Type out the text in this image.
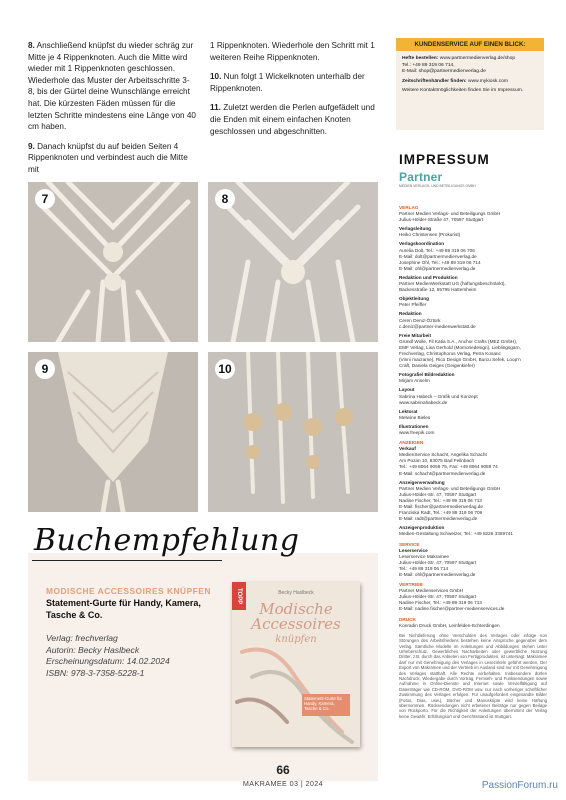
8. Anschließend knüpfst du wieder schräg zur Mitte je 4 Rippenknoten. Auch die Mitte wird wieder mit 1 Rippenknoten geschlossen. Wiederhole das Muster der Arbeitsschritte 3-8, bis der Gürtel deine Wunschlänge erreicht hat. Die kürzesten Fäden müssen für die letzten Schritte mindestens eine Länge von 40 cm haben.

9. Danach knüpfst du auf beiden Seiten 4 Rippenknoten und verbindest auch die Mitte mit

1 Rippenknoten. Wiederhole den Schritt mit 1 weiteren Reihe Rippenknoten.

10. Nun folgt 1 Wickelknoten unterhalb der Rippenknoten.

11. Zuletzt werden die Perlen aufgefädelt und die Enden mit einem einfachen Knoten geschlossen und abgeschnitten.

7	8
9	10
Buchempfehlung
MODISCHE ACCESSOIRES KNÜPFEN
Statement-Gurte für Handy, Kamera, Tasche & Co.
Verlag: frechverlag
Autorin: Becky Haslbeck
Erscheinungsdatum: 14.02.2024
ISBN: 978-3-7358-5228-1
TOPP	Becky Haslbeck
Modische Accessoires
knüpfen
Statement-Gurte für Handy, Kamera, Tasche & Co.
KUNDENSERVICE AUF EINEN BLICK:
Hefte bestellen: www.partnermedienverlag.de/shop
Tel.: +49 89 319 06 714,
E-Mail: shop@partnermedienverlag.de
Zeitschriftenhändler finden: www.mykiosk.com
Weitere Kontaktmöglichkeiten finden Sie im Impressum.
IMPRESSUM
Partner
MEDIEN VERLAGS- UND BETEILIGUNGS GMBH
VERLAG
Partner Medien Verlags- und Beteiligungs GmbH
Julius-Hölder-Straße 47, 70597 Stuttgart
Verlagsleitung
Heiko Christensen (Prokurist)
Verlagskoordination
Aurelia Dolt, Tel.: +49 89 319 06 706
E-Mail: dolt@partnermedienverlag.de
Josephine Ohl, Tel.: +49 89 319 06 714
E-Mail: ohl@partnermedienverlag.de
Redaktion und Produktion
Partner MedienWerkstatt UG (haftungsbeschränkt),
Backesstraße 12, 65795 Hattersheim
Objektleitung
Peter Pfeiffer
Redaktion
Ceren Deniz-Öztürk
c.deniz@partner-medienwerkstatt.de
Freie Mitarbeit
Gründl Wolle, Fil Katia S.A., Anchor Crafts (MEZ GmbH),
EMF Verlag, Lisa Gerhold (Momoriedesign), Lieblingsgarn,
Frechverlag, Christophorus Verlag, Petra Kosanc
(Vinni macrame), Rico Design GmbH, Burcu Sefek, Loop'n
Craft, Daniela Geiges (Geigenkiefer)
Fotografie/ Bildredaktion
Mirjam Anselm
Layout
Sabrina Habeck – Grafik und Konzept
www.sabrinahabeck.de
Lektorat
Melwine Bieles
Illustrationen
www.freepik.com
ANZEIGEN
Verkauf
MedienService Schacht, Angelika Schacht
Am Pozan 10, 83075 Bad Feilnbach
Tel.: +49 8064 9059 75, Fax: +49 8064 9059 74
E-Mail: schacht@partnermedienverlag.de
Anzeigenverwaltung
Partner Medien Verlags- und Beteiligungs GmbH
Julius-Hölder-Str. 47, 70597 Stuttgart
Nadine Fischer, Tel.: +49 89 319 06 713
E-Mail: fischer@partnermedienverlag.de
Franziska Radt, Tel.: +49 89 319 06 709
E-Mail: radt@partnermedienverlag.de
Anzeigenproduktion
Medien-Gestaltung Schweizer, Tel.: +49 8226 3359741
SERVICE
Leserservice
Leserservice Makramee
Julius-Hölder-Str. 47, 70597 Stuttgart
Tel.: +49 89 319 06 714
E-Mail: ohl@partnermedienverlag.de
VERTRIEB
Partner Medienservices GmbH
Julius-Hölder-Str. 47, 70597 Stuttgart
Nadine Fischer, Tel.: +49 89 319 06 713
E-Mail: nadine.fischer@partner-medienservices.de
DRUCK
Konradin Druck GmbH, Leinfelden-Echterdingen
Bei Nichtlieferung ohne Verschulden des Verlages oder infolge von Störungen des Arbeitsfriedens bestehen keine Ansprüche gegenüber dem Verlag. Sämtliche Modelle im Anleitungen und Abbildungen stehen unter Urheberschutz. Gewerbliches Nacharbeiten oder gewerbliche Nutzung Dritter, z.B. durch das Anbieten von Fertigprodukten, ist untersagt. Makramee darf nur mit Genehmigung des Verlages in Lesezirkeln geführt werden. Der Export von Makramee und der Vertrieb im Ausland sind nur mit Genehmigung des Verlages statthaft. Alle Rechte vorbehalten. Insbesondere dürfen Nachdruck, Wiedergabe durch Vortrag, Fernseh- und Funksendungen sowie Aufnahme in Online-Dienste und Internet sowie Vervielfältigung auf Datenträger wie CD-ROM, DVD-ROM usw. nur nach vorheriger schriftlicher Zustimmung des Verlages erfolgen. Für unaufgefordert eingesandte Bilder (Fotos, Dias, usw.), Bücher und Manuskripte wird keine Haftung übernommen. Rücksendungen nicht erbetener Beiträge nur gegen Beilage von Rückporto. Für die Richtigkeit der Anleitungen übernimmt der Verlag keine Gewähr. Erfüllungsort und Gerichtsstand ist Stuttgart.
66
MAKRAMEE 03 | 2024	PassionForum.ru
